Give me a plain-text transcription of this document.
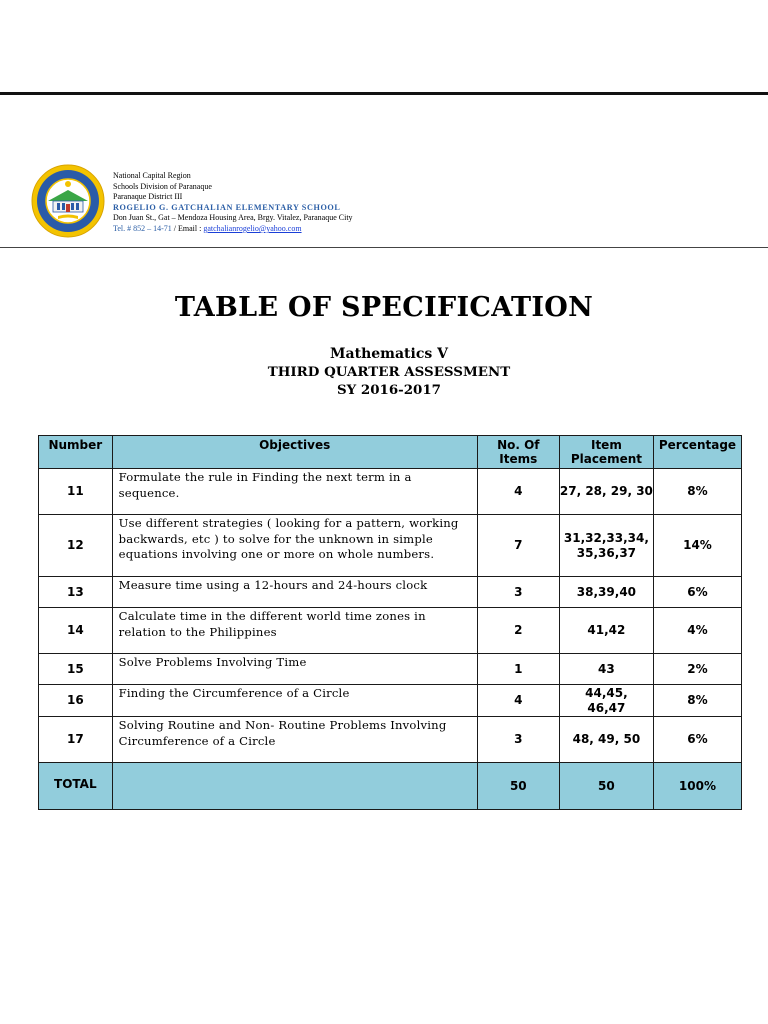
National Capital Region
Schools Division of Paranaque
Paranaque District III
ROGELIO G. GATCHALIAN ELEMENTARY SCHOOL
Don Juan St., Gat – Mendoza Housing Area, Brgy. Vitalez, Paranaque City
Tel. # 852 – 14-71 / Email : gatchalianrogelio@yahoo.com
TABLE OF SPECIFICATION
Mathematics V
THIRD QUARTER ASSESSMENT
SY 2016-2017
Number	Objectives	No. Of Items	Item Placement	Percentage
11	Formulate the rule in Finding the next term in a sequence.	4	27, 28, 29, 30	8%
12	Use different strategies ( looking for a pattern, working backwards, etc ) to solve for the unknown in simple equations involving one or more on whole numbers.	7	31,32,33,34, 35,36,37	14%
13	Measure time using a 12-hours and 24-hours clock	3	38,39,40	6%
14	Calculate time in the different world time zones in relation to the Philippines	2	41,42	4%
15	Solve Problems Involving Time	1	43	2%
16	Finding the Circumference of a Circle	4	44,45, 46,47	8%
17	Solving Routine and Non- Routine Problems Involving Circumference of a Circle	3	48, 49, 50	6%
TOTAL		50	50	100%
